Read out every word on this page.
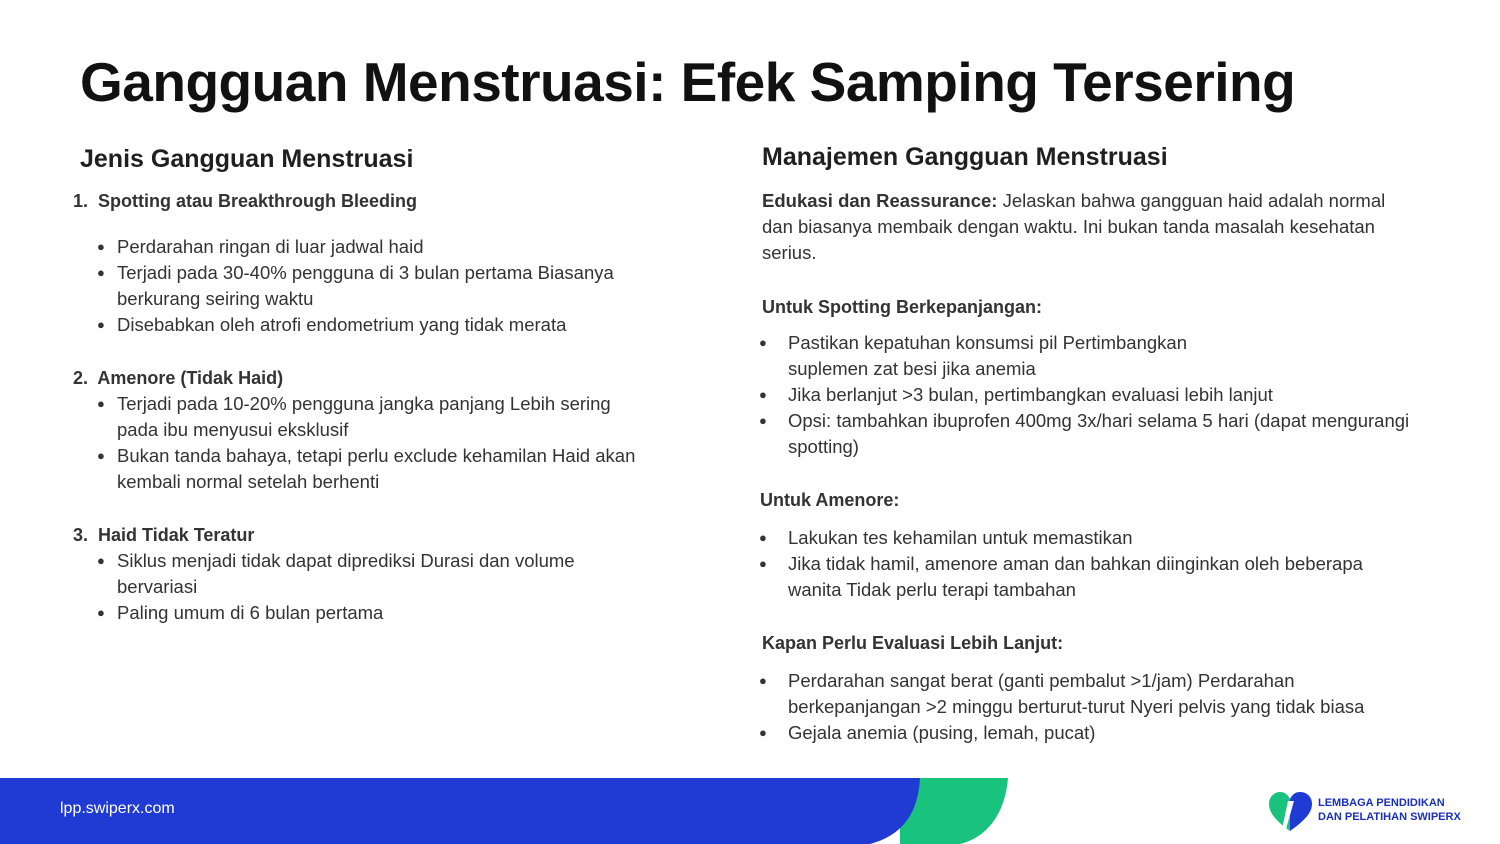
Gangguan Menstruasi: Efek Samping Tersering
Jenis Gangguan Menstruasi

1. Spotting atau Breakthrough Bleeding

● Perdarahan ringan di luar jadwal haid
● Terjadi pada 30-40% pengguna di 3 bulan pertama Biasanya
berkurang seiring waktu
● Disebabkan oleh atrofi endometrium yang tidak merata

2. Amenore (Tidak Haid)

● Terjadi pada 10-20% pengguna jangka panjang Lebih sering
pada ibu menyusui eksklusif
● Bukan tanda bahaya, tetapi perlu exclude kehamilan Haid akan
kembali normal setelah berhenti

3. Haid Tidak Teratur

● Siklus menjadi tidak dapat diprediksi Durasi dan volume
bervariasi
● Paling umum di 6 bulan pertama
Manajemen Gangguan Menstruasi

Edukasi dan Reassurance: Jelaskan bahwa gangguan haid adalah normal

dan biasanya membaik dengan waktu. Ini bukan tanda masalah kesehatan

serius.

Untuk Spotting Berkepanjangan:

● Pastikan kepatuhan konsumsi pil Pertimbangkan
suplemen zat besi jika anemia
● Jika berlanjut >3 bulan, pertimbangkan evaluasi lebih lanjut
● Opsi: tambahkan ibuprofen 400mg 3x/hari selama 5 hari (dapat mengurangi
spotting)

Untuk Amenore:

● Lakukan tes kehamilan untuk memastikan
● Jika tidak hamil, amenore aman dan bahkan diinginkan oleh beberapa
wanita Tidak perlu terapi tambahan

Kapan Perlu Evaluasi Lebih Lanjut:

● Perdarahan sangat berat (ganti pembalut >1/jam) Perdarahan
berkepanjangan >2 minggu berturut-turut Nyeri pelvis yang tidak biasa
● Gejala anemia (pusing, lemah, pucat)
lpp.swiperx.com	LEMBAGA PENDIDIKAN
DAN PELATIHAN SWIPERX
